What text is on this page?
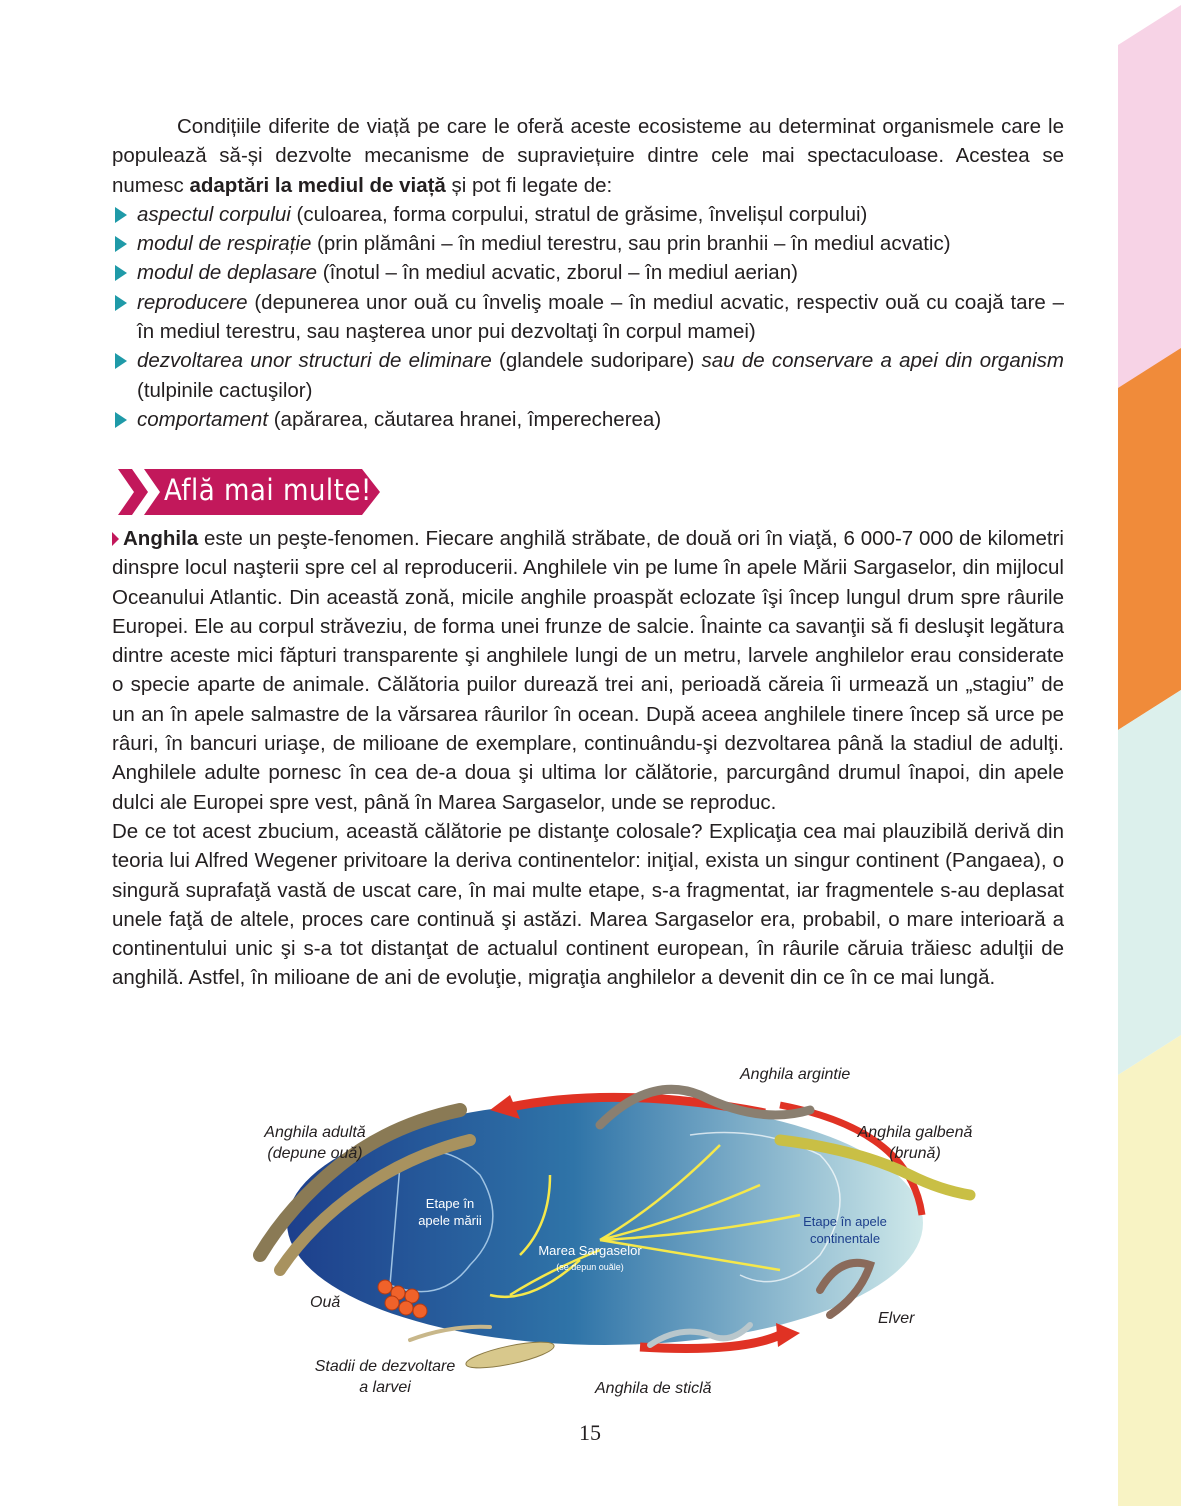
Condițiile diferite de viață pe care le oferă aceste ecosisteme au determinat organismele care le populează să-și dezvolte mecanisme de supraviețuire dintre cele mai spectaculoase. Acestea se numesc adaptări la mediul de viață și pot fi legate de:

aspectul corpului (culoarea, forma corpului, stratul de grăsime, învelișul corpului)
modul de respirație (prin plămâni – în mediul terestru, sau prin branhii – în mediul acvatic)
modul de deplasare (înotul – în mediul acvatic, zborul – în mediul aerian)
reproducere (depunerea unor ouă cu înveliş moale – în mediul acvatic, respectiv ouă cu coajă tare – în mediul terestru, sau naşterea unor pui dezvoltaţi în corpul mamei)
dezvoltarea unor structuri de eliminare (glandele sudoripare) sau de conservare a apei din organism (tulpinile cactuşilor)
comportament (apărarea, căutarea hranei, împerecherea)
Află mai multe!

Anghila este un peşte-fenomen. Fiecare anghilă străbate, de două ori în viaţă, 6 000-7 000 de kilometri dinspre locul naşterii spre cel al reproducerii. Anghilele vin pe lume în apele Mării Sargaselor, din mijlocul Oceanului Atlantic. Din această zonă, micile anghile proaspăt eclozate îşi încep lungul drum spre râurile Europei. Ele au corpul străveziu, de forma unei frunze de salcie. Înainte ca savanţii să fi desluşit legătura dintre aceste mici făpturi transparente şi anghilele lungi de un metru, larvele anghilelor erau considerate o specie aparte de animale. Călătoria puilor durează trei ani, perioadă căreia îi urmează un „stagiu” de un an în apele salmastre de la vărsarea râurilor în ocean. După aceea anghilele tinere încep să urce pe râuri, în bancuri uriaşe, de milioane de exemplare, continuându-şi dezvoltarea până la stadiul de adulţi. Anghilele adulte pornesc în cea de-a doua şi ultima lor călătorie, parcurgând drumul înapoi, din apele dulci ale Europei spre vest, până în Marea Sargaselor, unde se reproduc.

De ce tot acest zbucium, această călătorie pe distanţe colosale? Explicaţia cea mai plauzibilă derivă din teoria lui Alfred Wegener privitoare la deriva continentelor: iniţial, exista un singur continent (Pangaea), o singură suprafaţă vastă de uscat care, în mai multe etape, s-a fragmentat, iar fragmentele s-au deplasat unele faţă de altele, proces care continuă şi astăzi. Marea Sargaselor era, probabil, o mare interioară a continentului unic şi s-a tot distanţat de actualul continent european, în râurile căruia trăiesc adulţii de anghilă. Astfel, în milioane de ani de evoluţie, migraţia anghilelor a devenit din ce în ce mai lungă.

Anghila argintie
Anghila adultă
(depune ouă)
Anghila galbenă
(brună)
Etape în
apele mării	Etape în apele
continentale
Marea Sargaselor
(se depun ouăle)
Ouă
Elver
Stadii de dezvoltare
a larvei	Anghila de sticlă
15
